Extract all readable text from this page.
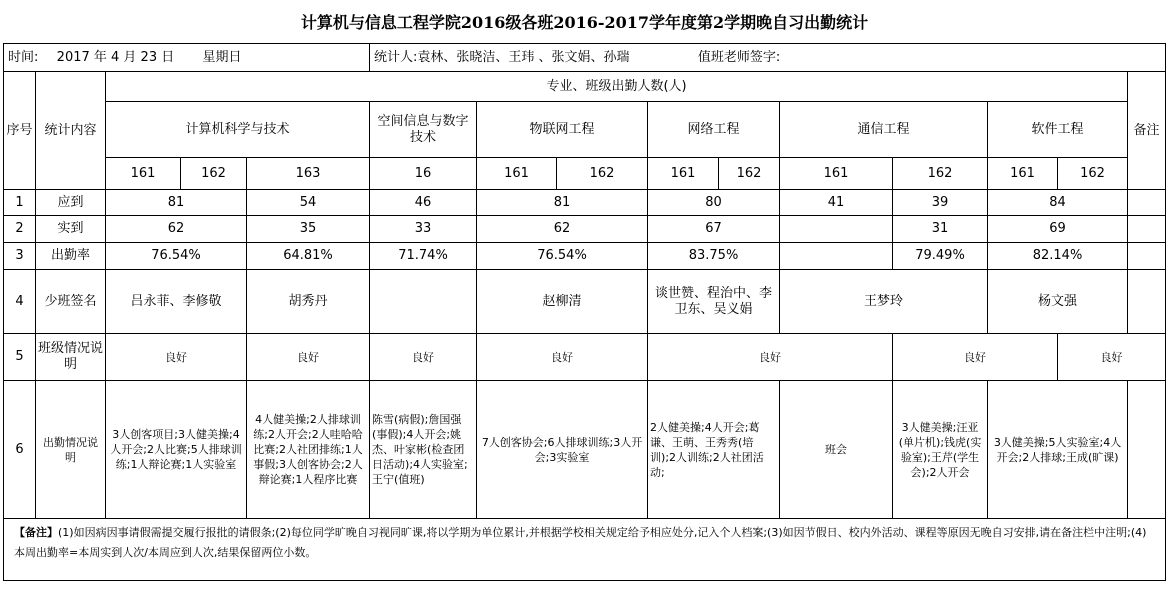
计算机与信息工程学院2016级各班2016-2017学年度第2学期晚自习出勤统计
时间: 2017 年 4 月 23 日 星期日					统计人:袁林、张晓洁、王玮 、张文娟、孙瑞 值班老师签字:										
序号	统计内容	专业、班级出勤人数(人)												备注	
		计算机科学与技术			空间信息与数字技术	物联网工程		网络工程		通信工程		软件工程			
		161	162	163	16	161	162	161	162	161	162	161	162		
1	应到	81		54	46	81		80		41	39	84			
2	实到	62		35	33	62		67			31	69			
3	出勤率	76.54%		64.81%	71.74%	76.54%		83.75%			79.49%	82.14%			
4	少班签名	吕永菲、李修敬		胡秀丹		赵柳清		谈世赞、程治中、李卫东、吴义娟		王梦玲		杨文强			
5	班级情况说明	良好		良好	良好	良好		良好			良好		良好		
6	出勤情况说明	3人创客项目;3人健美操;4人开会;2人比赛;5人排球训练;1人辩论赛;1人实验室		4人健美操;2人排球训练;2人开会;2人哇哈哈比赛;2人社团排练;1人事假;3人创客协会;2人辩论赛;1人程序比赛	陈雪(病假);詹国强(事假);4人开会;姚杰、叶家彬(检查团日活动);4人实验室;王宁(值班)	7人创客协会;6人排球训练;3人开会;3实验室		2人健美操;4人开会;葛谦、王萌、王秀秀(培训);2人训练;2人社团活动;		班会	3人健美操;汪亚(单片机);钱虎(实验室);王芹(学生会);2人开会	3人健美操;5人实验室;4人开会;2人排球;王成(旷课)			
【备注】(1)如因病因事请假需提交履行报批的请假条;(2)每位同学旷晚自习视同旷课,将以学期为单位累计,并根据学校相关规定给予相应处分,记入个人档案;(3)如因节假日、校内外活动、课程等原因无晚自习安排,请在备注栏中注明;(4)本周出勤率=本周实到人次/本周应到人次,结果保留两位小数。															
